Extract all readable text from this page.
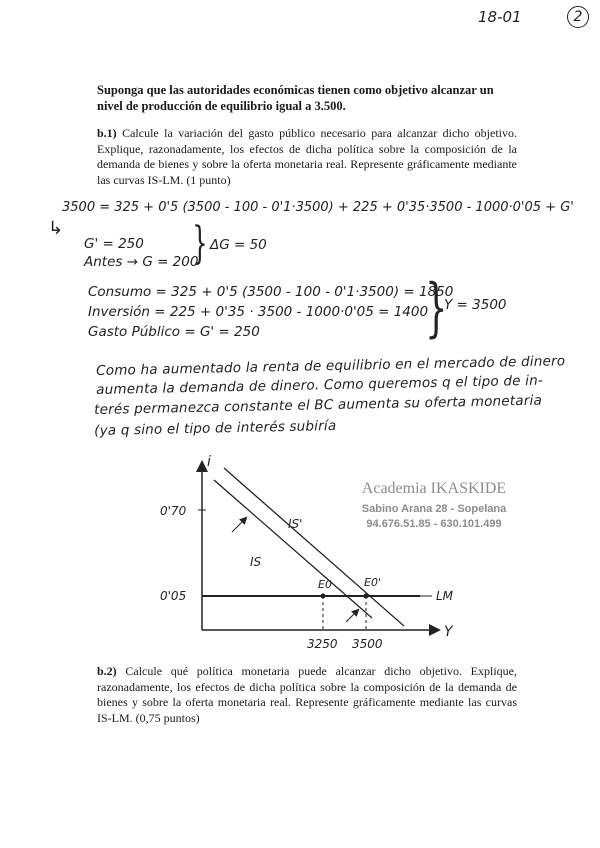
18-01	2
Suponga que las autoridades económicas tienen como objetivo alcanzar un nivel de producción de equilibrio igual a 3.500.
b.1) Calcule la variación del gasto público necesario para alcanzar dicho objetivo. Explique, razonadamente, los efectos de dicha política sobre la composición de la demanda de bienes y sobre la oferta monetaria real. Represente gráficamente mediante las curvas IS-LM. (1 punto)
3500 = 325 + 0'5 (3500 - 100 - 0'1·3500) + 225 + 0'35·3500 - 1000·0'05 + G'
↳
G' = 250
Antes → G = 200
} ΔG = 50
Consumo = 325 + 0'5 (3500 - 100 - 0'1·3500) = 1850
Inversión = 225 + 0'35 · 3500 - 1000·0'05 = 1400
Gasto Público = G' = 250	}
Y = 3500
Como ha aumentado la renta de equilibrio en el mercado de dinero
aumenta la demanda de dinero. Como queremos q el tipo de in-
terés permanezca constante el BC aumenta su oferta monetaria
(ya q sino el tipo de interés subiría
i
Y
0'70
0'05
IS
IS'
LM
E0	E0'
3250 3500
Academia IKASKIDE
Sabino Arana 28 - Sopelana
94.676.51.85 - 630.101.499
b.2) Calcule qué política monetaria puede alcanzar dicho objetivo. Explique, razonadamente, los efectos de dicha política sobre la composición de la demanda de bienes y sobre la oferta monetaria real. Represente gráficamente mediante las curvas IS-LM. (0,75 puntos)
